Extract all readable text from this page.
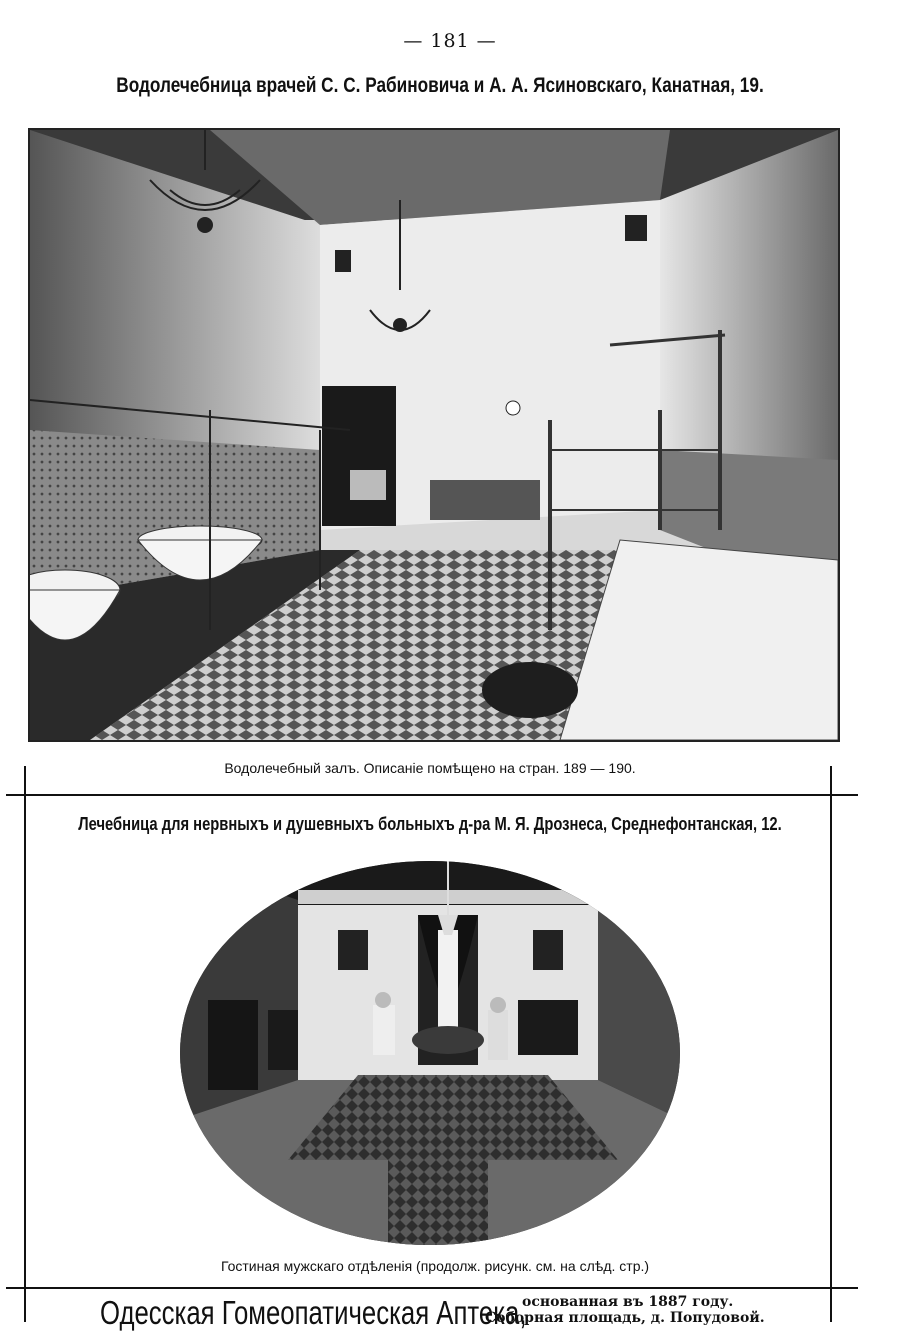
— 181 —
Водолечебница врачей С. С. Рабиновича и А. А. Ясиновскаго, Канатная, 19.
Водолечебный залъ. Описаніе помѣщено на стран. 189 — 190.
Лечебница для нервныхъ и душевныхъ больныхъ д-ра М. Я. Дрознеса, Среднефонтанская, 12.
Гостиная мужскаго отдѣленія (продолж. рисунк. см. на слѣд. стр.)
Одесская Гомеопатическая Аптека,
основанная въ 1887 году.
Соборная площадь, д. Попудовой.
